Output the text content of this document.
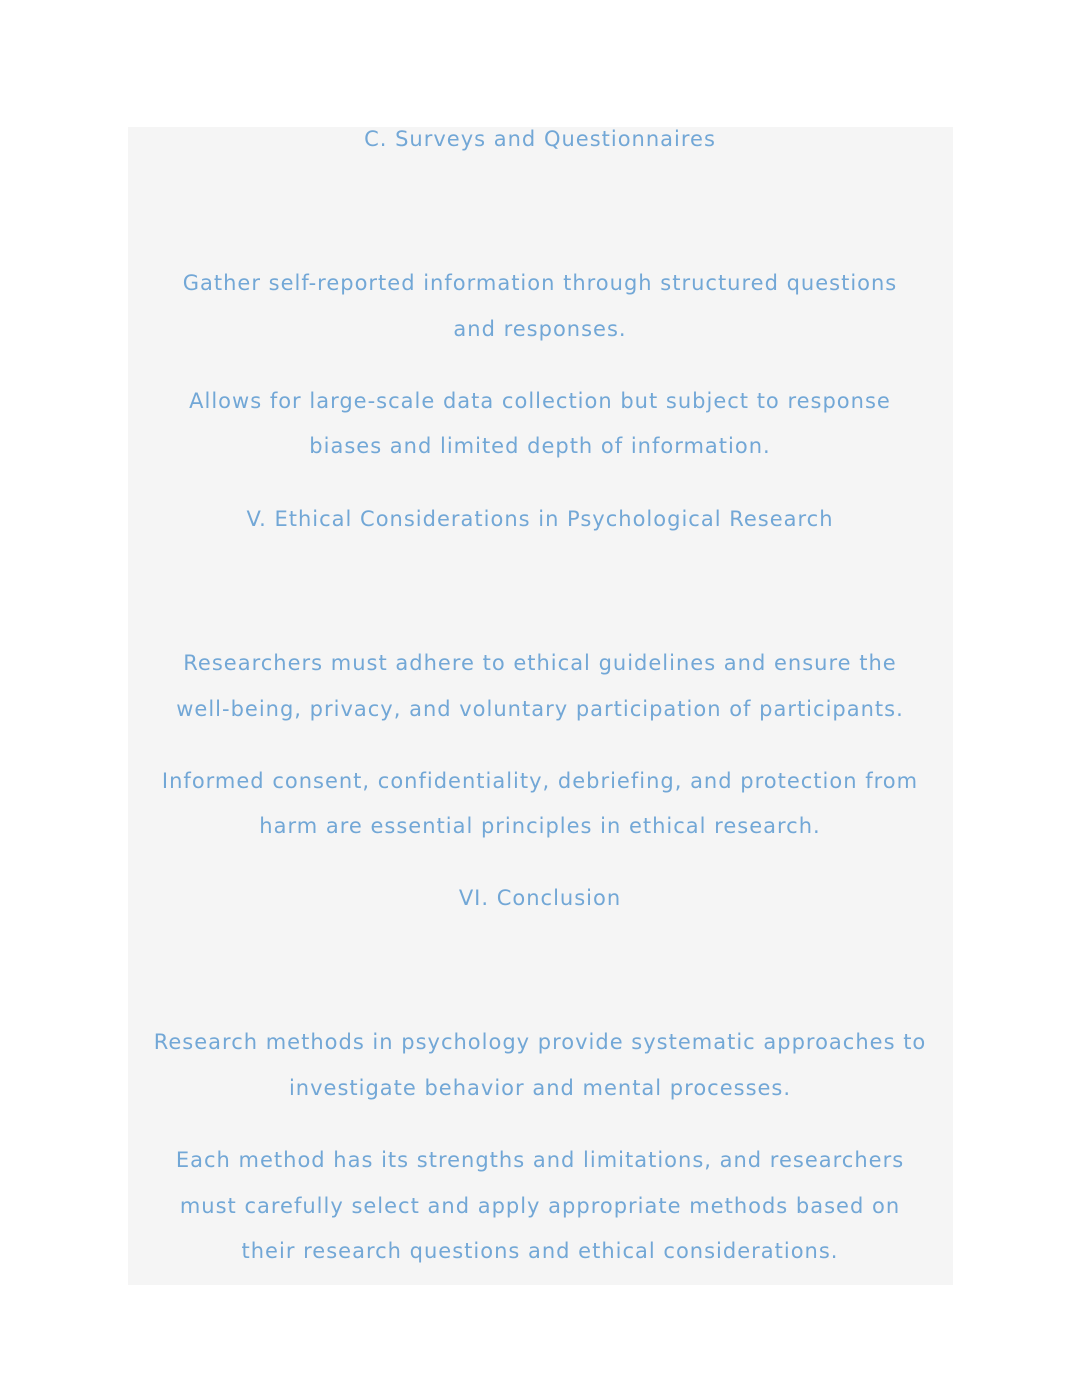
C. Surveys and Questionnaires
Gather self-reported information through structured questions
and responses.
Allows for large-scale data collection but subject to response
biases and limited depth of information.
V. Ethical Considerations in Psychological Research
Researchers must adhere to ethical guidelines and ensure the
well-being, privacy, and voluntary participation of participants.
Informed consent, confidentiality, debriefing, and protection from
harm are essential principles in ethical research.
VI. Conclusion
Research methods in psychology provide systematic approaches to
investigate behavior and mental processes.
Each method has its strengths and limitations, and researchers
must carefully select and apply appropriate methods based on
their research questions and ethical considerations.
